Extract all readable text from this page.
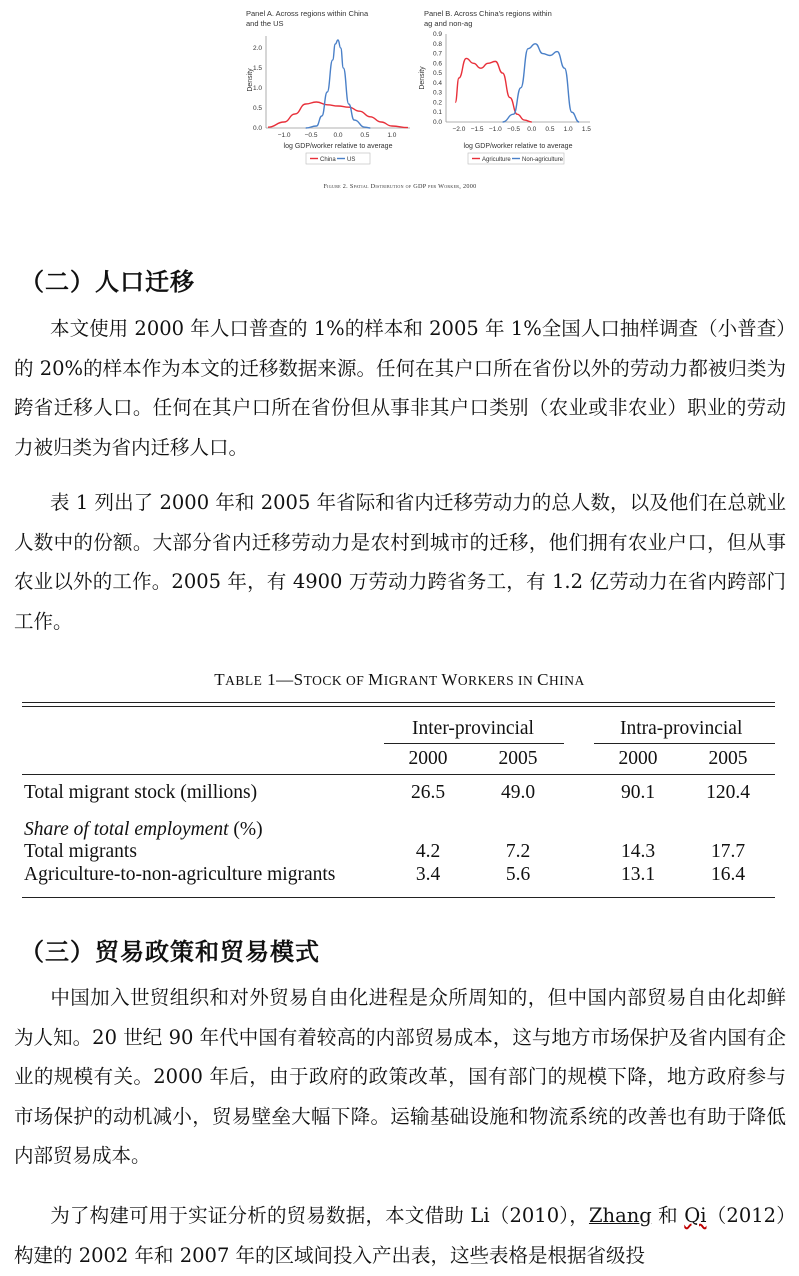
Panel A. Across regions within China
and the US
Density
−1.0 −0.5 0.0	0.5	1.0
0.0
0.5
1.0
1.5
2.0
log GDP/worker relative to average
China US
Panel B. Across China's regions within
ag and non-ag
Density
−2.0 −1.5 −1.0 −0.5 0.0 0.5 1.0 1.5
0.0
0.1
0.2
0.3
0.4
0.5
0.6
0.7
0.8
0.9
log GDP/worker relative to average
Agriculture Non-agriculture
Figure 2. Spatial Distribution of GDP per Worker, 2000
（二）人口迁移
本文使用 2000 年人口普查的 1%的样本和 2005 年 1%全国人口抽样调查（小普查）的 20%的样本作为本文的迁移数据来源。任何在其户口所在省份以外的劳动力都被归类为跨省迁移人口。任何在其户口所在省份但从事非其户口类别（农业或非农业）职业的劳动力被归类为省内迁移人口。
表 1 列出了 2000 年和 2005 年省际和省内迁移劳动力的总人数，以及他们在总就业人数中的份额。大部分省内迁移劳动力是农村到城市的迁移，他们拥有农业户口，但从事农业以外的工作。2005 年，有 4900 万劳动力跨省务工，有 1.2 亿劳动力在省内跨部门工作。
TABLE 1—STOCK OF MIGRANT WORKERS IN CHINA
Inter-provincial	Intra-provincial
2000	2005	2000	2005
Total migrant stock (millions)	26.5	49.0	90.1	120.4
Share of total employment (%)
Total migrants	4.2	7.2	14.3	17.7
Agriculture-to-non-agriculture migrants	3.4	5.6	13.1	16.4
（三）贸易政策和贸易模式
中国加入世贸组织和对外贸易自由化进程是众所周知的，但中国内部贸易自由化却鲜为人知。20 世纪 90 年代中国有着较高的内部贸易成本，这与地方市场保护及省内国有企业的规模有关。2000 年后，由于政府的政策改革，国有部门的规模下降，地方政府参与市场保护的动机减小，贸易壁垒大幅下降。运输基础设施和物流系统的改善也有助于降低内部贸易成本。
为了构建可用于实证分析的贸易数据，本文借助 Li（2010），Zhang 和 Qi（2012）构建的 2002 年和 2007 年的区域间投入产出表，这些表格是根据省级投
